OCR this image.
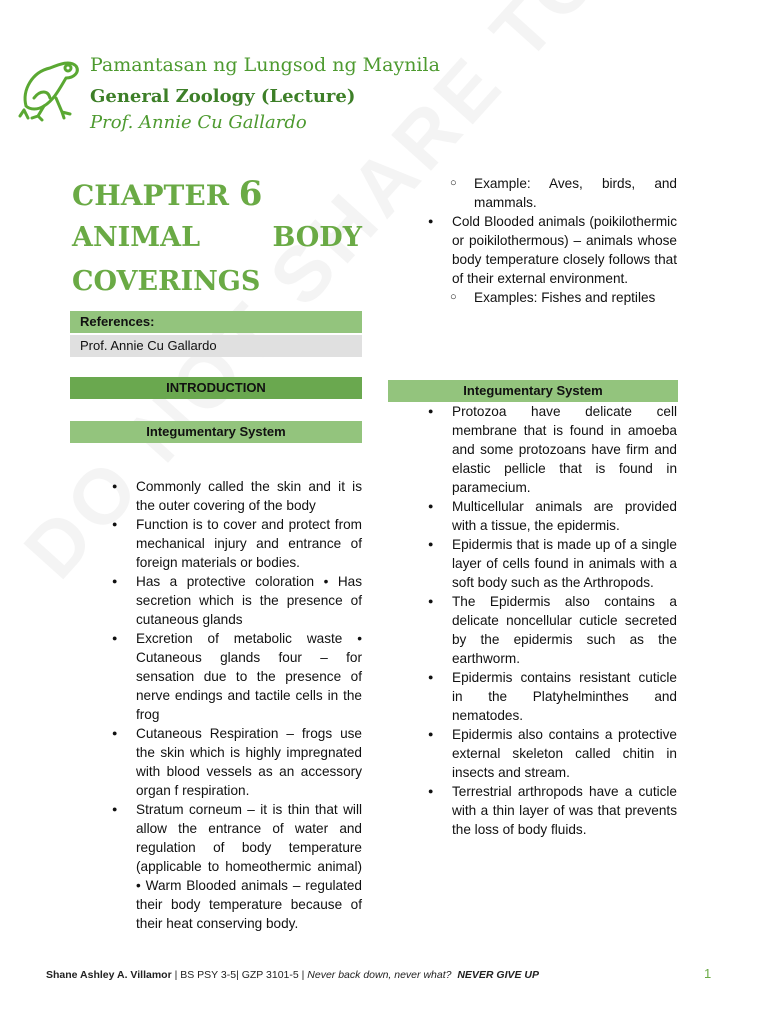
Pamantasan ng Lungsod ng Maynila
General Zoology (Lecture)
Prof. Annie Cu Gallardo
CHAPTER 6
ANIMAL	BODY
COVERINGS
References:
Prof. Annie Cu Gallardo
INTRODUCTION
Integumentary System
● Commonly called the skin and it is the outer covering of the body
● Function is to cover and protect from mechanical injury and entrance of foreign materials or bodies.
● Has a protective coloration • Has secretion which is the presence of cutaneous glands
● Excretion of metabolic waste • Cutaneous glands four – for sensation due to the presence of nerve endings and tactile cells in the frog
● Cutaneous Respiration – frogs use the skin which is highly impregnated with blood vessels as an accessory organ f respiration.
● Stratum corneum – it is thin that will allow the entrance of water and regulation of body temperature (applicable to homeothermic animal) • Warm Blooded animals – regulated their body temperature because of their heat conserving body.
○ Example: Aves, birds, and mammals.
● Cold Blooded animals (poikilothermic or poikilothermous) – animals whose body temperature closely follows that of their external environment.
○ Examples: Fishes and reptiles
Integumentary System
● Protozoa have delicate cell membrane that is found in amoeba and some protozoans have firm and elastic pellicle that is found in paramecium.
● Multicellular animals are provided with a tissue, the epidermis.
● Epidermis that is made up of a single layer of cells found in animals with a soft body such as the Arthropods.
● The Epidermis also contains a delicate noncellular cuticle secreted by the epidermis such as the earthworm.
● Epidermis contains resistant cuticle in the Platyhelminthes and nematodes.
● Epidermis also contains a protective external skeleton called chitin in insects and stream.
● Terrestrial arthropods have a cuticle with a thin layer of was that prevents the loss of body fluids.
Shane Ashley A. Villamor | BS PSY 3-5| GZP 3101-5 | Never back down, never what? NEVER GIVE UP	1
